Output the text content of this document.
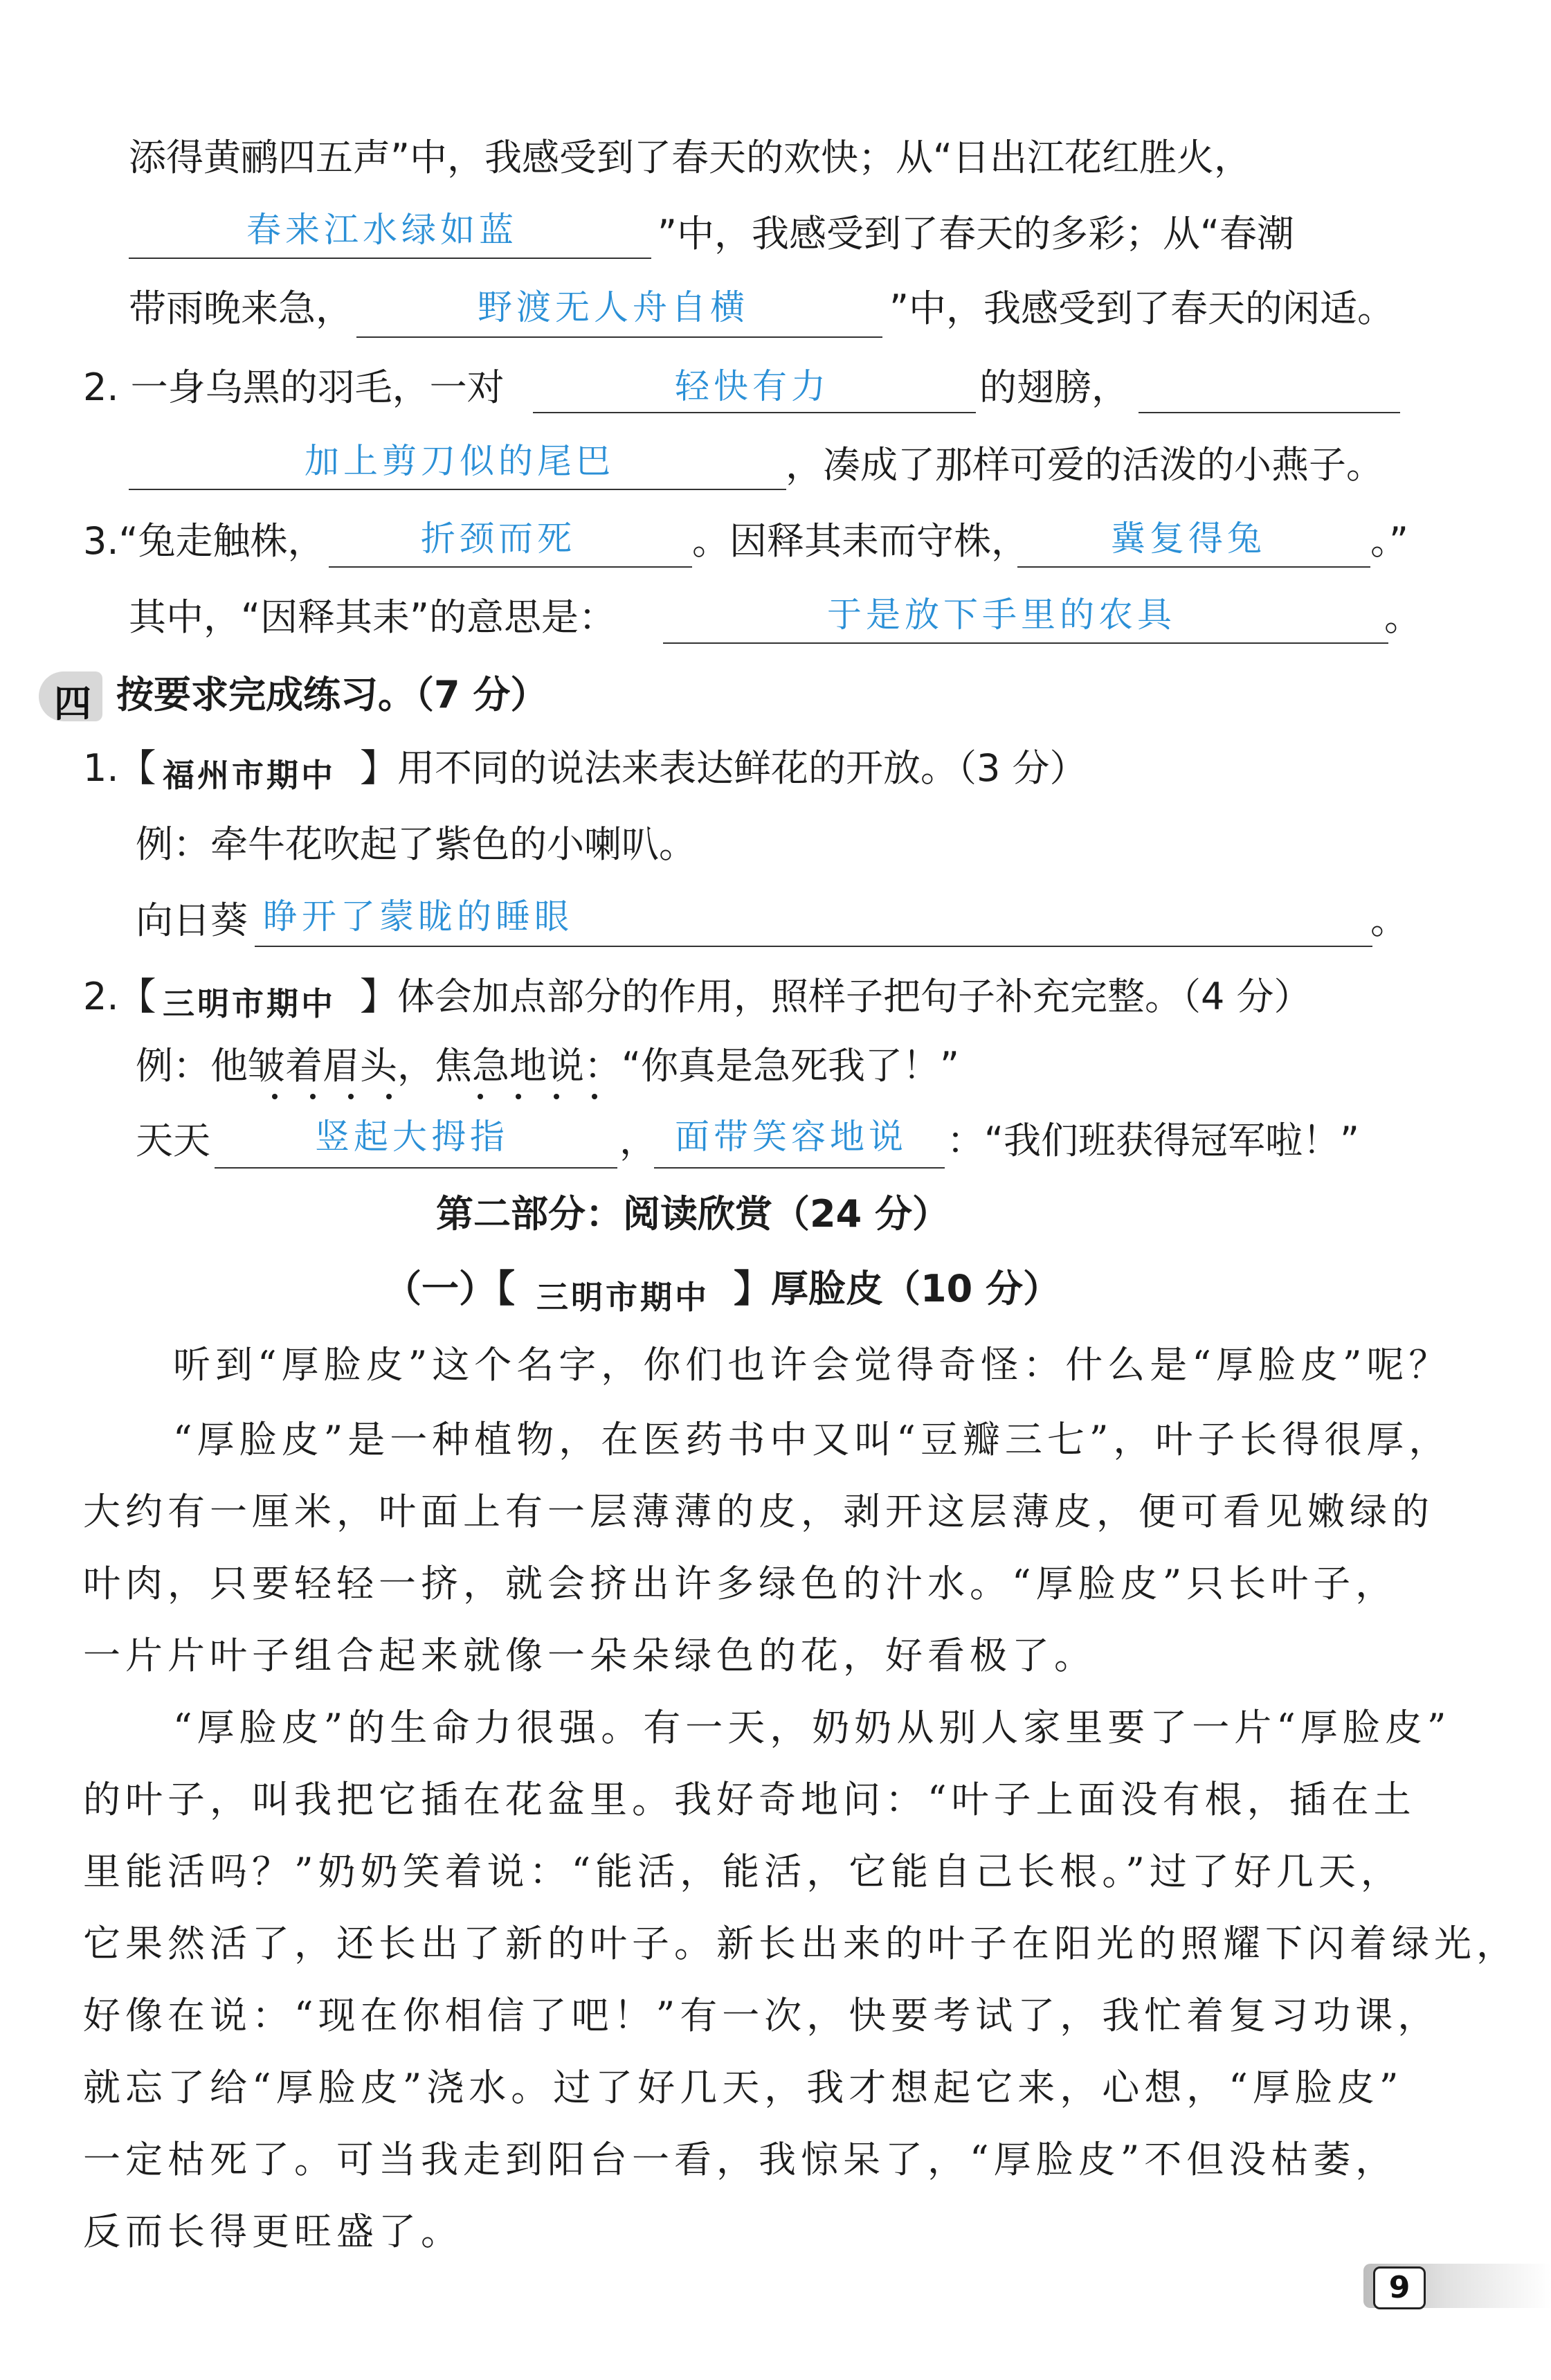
添得黄鹂四五声”中，我感受到了春天的欢快；从“日出江花红胜火，
春来江水绿如蓝	”中，我感受到了春天的多彩；从“春潮
带雨晚来急，	野渡无人舟自横	”中，我感受到了春天的闲适。
2. 一身乌黑的羽毛，一对	轻快有力	的翅膀，
加上剪刀似的尾巴	，凑成了那样可爱的活泼的小燕子。
3.“兔走触株，	折颈而死	。因释其耒而守株， 冀复得兔	。”
其中，“因释其耒”的意思是：	于是放下手里的农具	。
四 按要求完成练习。（7 分）
1.【 福州市期中 】用不同的说法来表达鲜花的开放。（3 分）
例：牵牛花吹起了紫色的小喇叭。
向日葵 睁开了蒙眬的睡眼	。
2.【 三明市期中 】体会加点部分的作用，照样子把句子补充完整。（4 分）
例：他皱着眉头，焦急地说：“你真是急死我了！”
天天	竖起大拇指	， 面带笑容地说 ：“我们班获得冠军啦！”
第二部分：阅读欣赏（24 分）
（一）【 三明市期中 】厚脸皮（10 分）
听到“厚脸皮”这个名字，你们也许会觉得奇怪：什么是“厚脸皮”呢？
“厚脸皮”是一种植物，在医药书中又叫“豆瓣三七”，叶子长得很厚，
大约有一厘米，叶面上有一层薄薄的皮，剥开这层薄皮，便可看见嫩绿的
叶肉，只要轻轻一挤，就会挤出许多绿色的汁水。“厚脸皮”只长叶子，
一片片叶子组合起来就像一朵朵绿色的花，好看极了。
“厚脸皮”的生命力很强。有一天，奶奶从别人家里要了一片“厚脸皮”
的叶子，叫我把它插在花盆里。我好奇地问：“叶子上面没有根，插在土
里能活吗？”奶奶笑着说：“能活，能活，它能自己长根。”过了好几天，
它果然活了，还长出了新的叶子。新长出来的叶子在阳光的照耀下闪着绿光，
好像在说：“现在你相信了吧！”有一次，快要考试了，我忙着复习功课，
就忘了给“厚脸皮”浇水。过了好几天，我才想起它来，心想，“厚脸皮”
一定枯死了。可当我走到阳台一看，我惊呆了，“厚脸皮”不但没枯萎，
反而长得更旺盛了。
9
